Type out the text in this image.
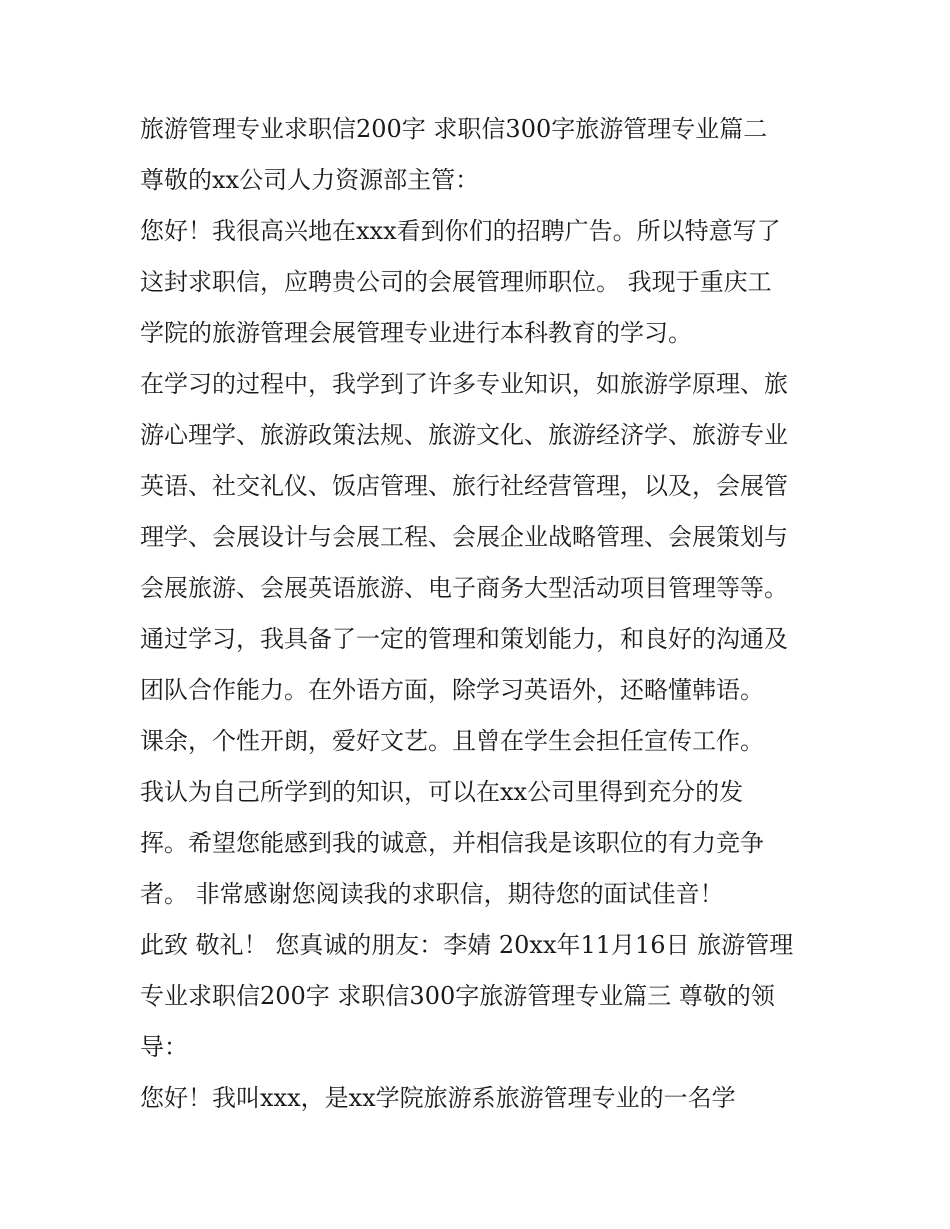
旅游管理专业求职信200字 求职信300字旅游管理专业篇二
尊敬的xx公司人力资源部主管：
您好！我很高兴地在xxx看到你们的招聘广告。所以特意写了
这封求职信，应聘贵公司的会展管理师职位。 我现于重庆工
学院的旅游管理会展管理专业进行本科教育的学习。
在学习的过程中，我学到了许多专业知识，如旅游学原理、旅
游心理学、旅游政策法规、旅游文化、旅游经济学、旅游专业
英语、社交礼仪、饭店管理、旅行社经营管理，以及，会展管
理学、会展设计与会展工程、会展企业战略管理、会展策划与
会展旅游、会展英语旅游、电子商务大型活动项目管理等等。
通过学习，我具备了一定的管理和策划能力，和良好的沟通及
团队合作能力。在外语方面，除学习英语外，还略懂韩语。
课余，个性开朗，爱好文艺。且曾在学生会担任宣传工作。
我认为自己所学到的知识，可以在xx公司里得到充分的发
挥。希望您能感到我的诚意，并相信我是该职位的有力竞争
者。 非常感谢您阅读我的求职信，期待您的面试佳音！
此致 敬礼！ 您真诚的朋友：李婧 20xx年11月16日 旅游管理
专业求职信200字 求职信300字旅游管理专业篇三 尊敬的领
导：
您好！我叫xxx，是xx学院旅游系旅游管理专业的一名学
